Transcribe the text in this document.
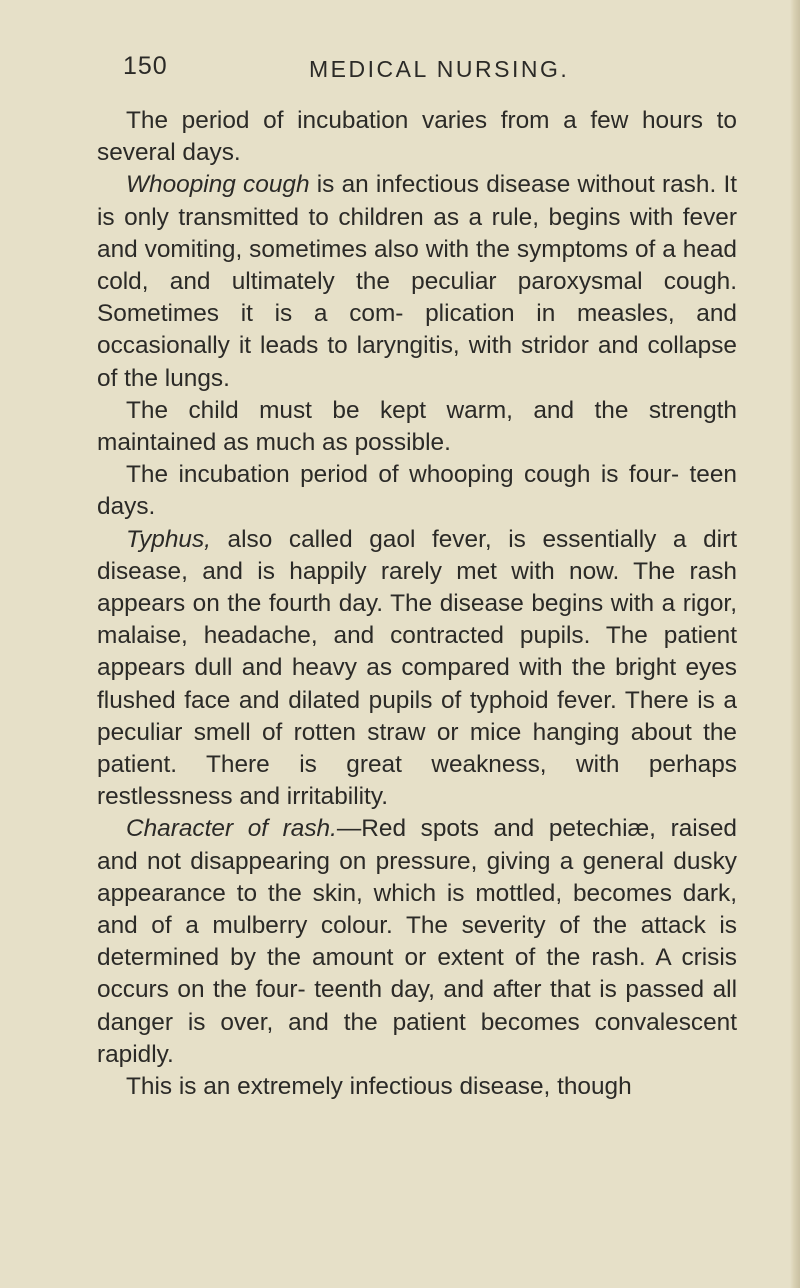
150	MEDICAL NURSING.

The period of incubation varies from a few hours to several days.

Whooping cough is an infectious disease without rash. It is only transmitted to children as a rule, begins with fever and vomiting, sometimes also with the symptoms of a head cold, and ultimately the peculiar paroxysmal cough. Sometimes it is a com- plication in measles, and occasionally it leads to laryngitis, with stridor and collapse of the lungs.

The child must be kept warm, and the strength maintained as much as possible.

The incubation period of whooping cough is four- teen days.

Typhus, also called gaol fever, is essentially a dirt disease, and is happily rarely met with now. The rash appears on the fourth day. The disease begins with a rigor, malaise, headache, and contracted pupils. The patient appears dull and heavy as compared with the bright eyes flushed face and dilated pupils of typhoid fever. There is a peculiar smell of rotten straw or mice hanging about the patient. There is great weakness, with perhaps restlessness and irritability.

Character of rash.—Red spots and petechiæ, raised and not disappearing on pressure, giving a general dusky appearance to the skin, which is mottled, becomes dark, and of a mulberry colour. The severity of the attack is determined by the amount or extent of the rash. A crisis occurs on the four- teenth day, and after that is passed all danger is over, and the patient becomes convalescent rapidly.

This is an extremely infectious disease, though
